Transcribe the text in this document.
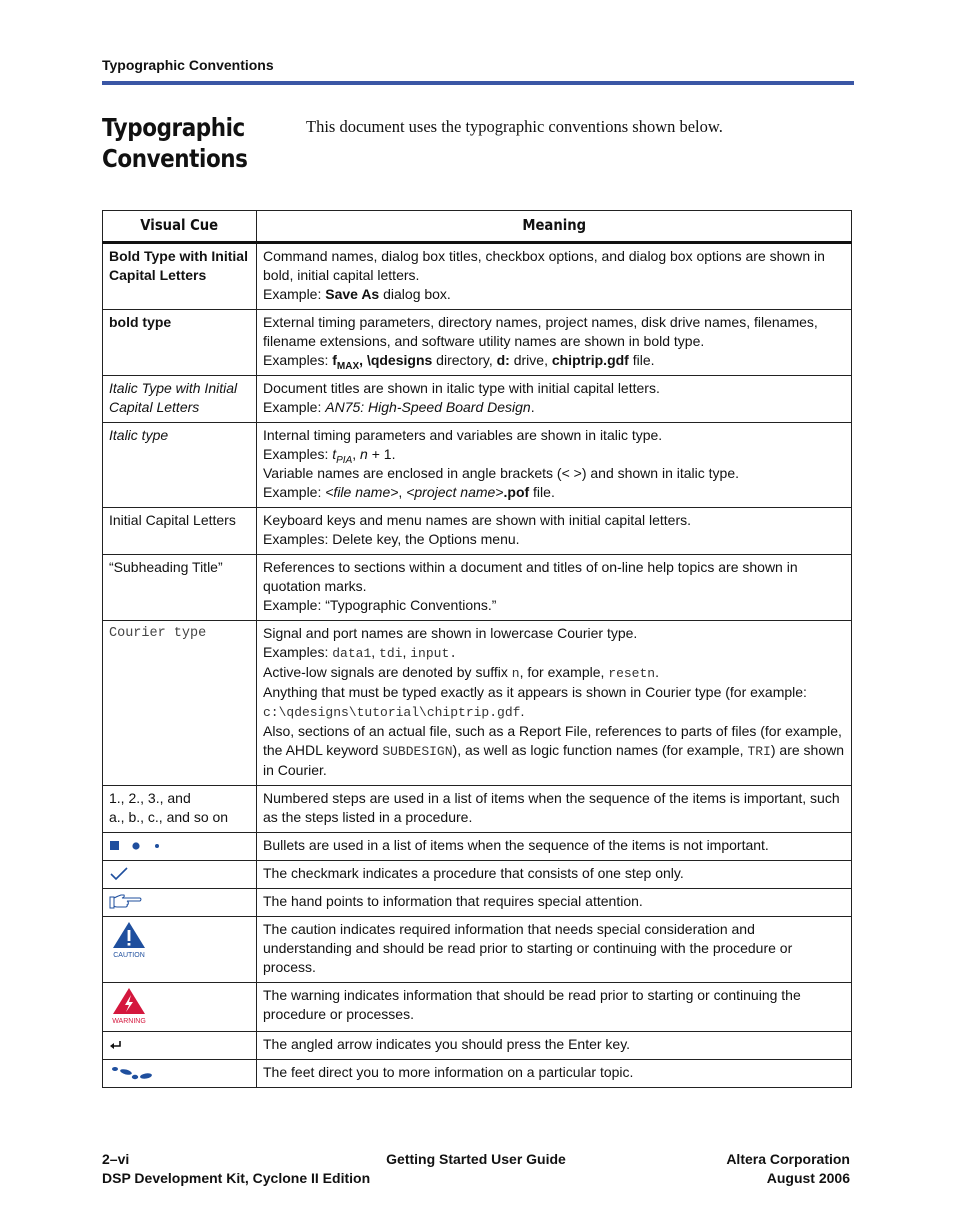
Typographic Conventions
Typographic Conventions
This document uses the typographic conventions shown below.
Visual Cue	Meaning
Bold Type with Initial Capital Letters	Command names, dialog box titles, checkbox options, and dialog box options are shown in bold, initial capital letters.
Example: Save As dialog box.
bold type	External timing parameters, directory names, project names, disk drive names, filenames, filename extensions, and software utility names are shown in bold type.
Examples: $f_{MAX}$, \qdesigns directory, d: drive, chiptrip.gdf file.
Italic Type with Initial Capital Letters	Document titles are shown in italic type with initial capital letters.
Example: AN75: High-Speed Board Design.
Italic type	Internal timing parameters and variables are shown in italic type.
Examples: $t_{PIA}$, n + 1.
Variable names are enclosed in angle brackets (< >) and shown in italic type.
Example: <file name>, <project name>.pof file.
Initial Capital Letters	Keyboard keys and menu names are shown with initial capital letters.
Examples: Delete key, the Options menu.
“Subheading Title”	References to sections within a document and titles of on-line help topics are shown in quotation marks.
Example: “Typographic Conventions.”
Courier type	Signal and port names are shown in lowercase Courier type.
Examples: data1, tdi, input.
Active-low signals are denoted by suffix n, for example, resetn.
Anything that must be typed exactly as it appears is shown in Courier type (for example: c:\qdesigns\tutorial\chiptrip.gdf.
Also, sections of an actual file, such as a Report File, references to parts of files (for example, the AHDL keyword SUBDESIGN), as well as logic function names (for example, TRI) are shown in Courier.
1., 2., 3., and
a., b., c., and so on	Numbered steps are used in a list of items when the sequence of the items is important, such as the steps listed in a procedure.
	Bullets are used in a list of items when the sequence of the items is not important.
	The checkmark indicates a procedure that consists of one step only.
	The hand points to information that requires special attention.

CAUTION	The caution indicates required information that needs special consideration and understanding and should be read prior to starting or continuing with the procedure or process.

WARNING	The warning indicates information that should be read prior to starting or continuing the procedure or processes.
	The angled arrow indicates you should press the Enter key.
	The feet direct you to more information on a particular topic.
2–vi	Getting Started User Guide	Altera Corporation
DSP Development Kit, Cyclone II Edition	August 2006
